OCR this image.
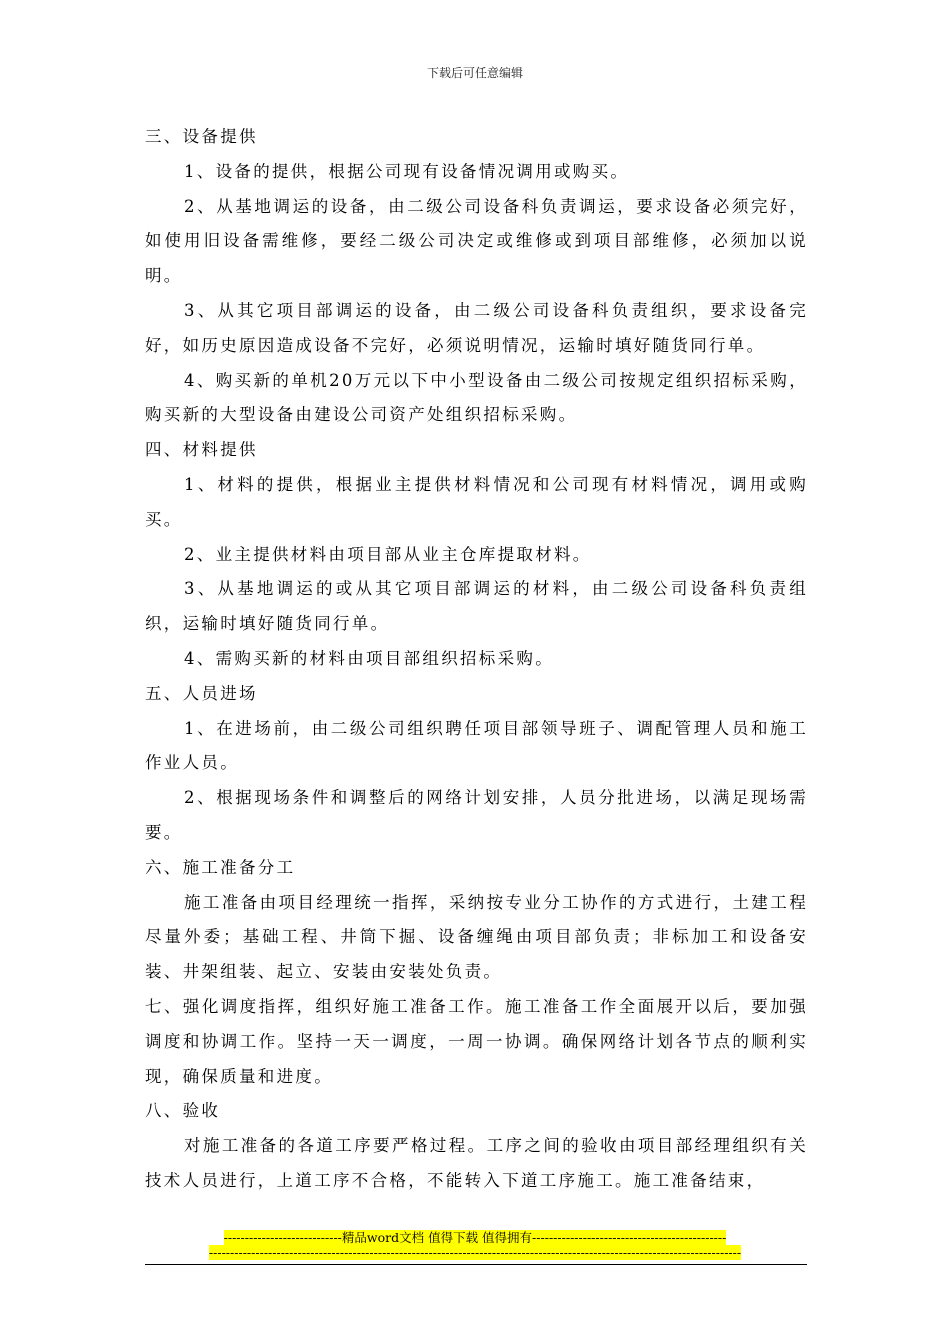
下载后可任意编辑

三、设备提供

1、设备的提供，根据公司现有设备情况调用或购买。

2、从基地调运的设备，由二级公司设备科负责调运，要求设备必须完好，如使用旧设备需维修，要经二级公司决定或维修或到项目部维修，必须加以说明。

3、从其它项目部调运的设备，由二级公司设备科负责组织，要求设备完好，如历史原因造成设备不完好，必须说明情况，运输时填好随货同行单。

4、购买新的单机20万元以下中小型设备由二级公司按规定组织招标采购，购买新的大型设备由建设公司资产处组织招标采购。

四、材料提供

1、材料的提供，根据业主提供材料情况和公司现有材料情况，调用或购买。

2、业主提供材料由项目部从业主仓库提取材料。

3、从基地调运的或从其它项目部调运的材料，由二级公司设备科负责组织，运输时填好随货同行单。

4、需购买新的材料由项目部组织招标采购。

五、人员进场

1、在进场前，由二级公司组织聘任项目部领导班子、调配管理人员和施工作业人员。

2、根据现场条件和调整后的网络计划安排，人员分批进场，以满足现场需要。

六、施工准备分工

施工准备由项目经理统一指挥，采纳按专业分工协作的方式进行，土建工程尽量外委；基础工程、井筒下掘、设备缠绳由项目部负责；非标加工和设备安装、井架组装、起立、安装由安装处负责。

七、强化调度指挥，组织好施工准备工作。施工准备工作全面展开以后，要加强调度和协调工作。坚持一天一调度，一周一协调。确保网络计划各节点的顺利实现，确保质量和进度。

八、验收

对施工准备的各道工序要严格过程。工序之间的验收由项目部经理组织有关技术人员进行，上道工序不合格，不能转入下道工序施工。施工准备结束，

----------------------------精品word文档 值得下载 值得拥有----------------------------------------------
------------------------------------------------------------------------------------------------------------------------------
